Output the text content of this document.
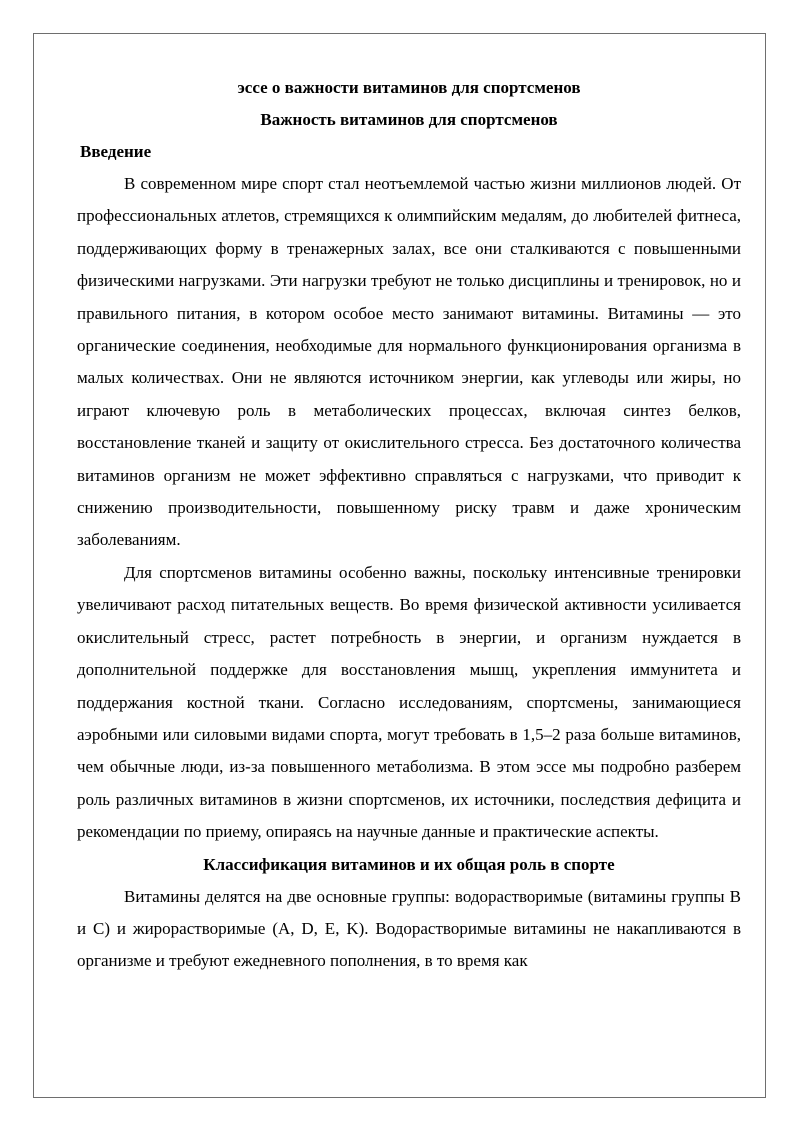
эссе о важности витаминов для спортсменов

Важность витаминов для спортсменов

Введение

В современном мире спорт стал неотъемлемой частью жизни миллионов людей. От профессиональных атлетов, стремящихся к олимпийским медалям, до любителей фитнеса, поддерживающих форму в тренажерных залах, все они сталкиваются с повышенными физическими нагрузками. Эти нагрузки требуют не только дисциплины и тренировок, но и правильного питания, в котором особое место занимают витамины. Витамины — это органические соединения, необходимые для нормального функционирования организма в малых количествах. Они не являются источником энергии, как углеводы или жиры, но играют ключевую роль в метаболических процессах, включая синтез белков, восстановление тканей и защиту от окислительного стресса. Без достаточного количества витаминов организм не может эффективно справляться с нагрузками, что приводит к снижению производительности, повышенному риску травм и даже хроническим заболеваниям.

Для спортсменов витамины особенно важны, поскольку интенсивные тренировки увеличивают расход питательных веществ. Во время физической активности усиливается окислительный стресс, растет потребность в энергии, и организм нуждается в дополнительной поддержке для восстановления мышц, укрепления иммунитета и поддержания костной ткани. Согласно исследованиям, спортсмены, занимающиеся аэробными или силовыми видами спорта, могут требовать в 1,5–2 раза больше витаминов, чем обычные люди, из-за повышенного метаболизма. В этом эссе мы подробно разберем роль различных витаминов в жизни спортсменов, их источники, последствия дефицита и рекомендации по приему, опираясь на научные данные и практические аспекты.

Классификация витаминов и их общая роль в спорте

Витамины делятся на две основные группы: водорастворимые (витамины группы B и C) и жирорастворимые (A, D, E, K). Водорастворимые витамины не накапливаются в организме и требуют ежедневного пополнения, в то время как
